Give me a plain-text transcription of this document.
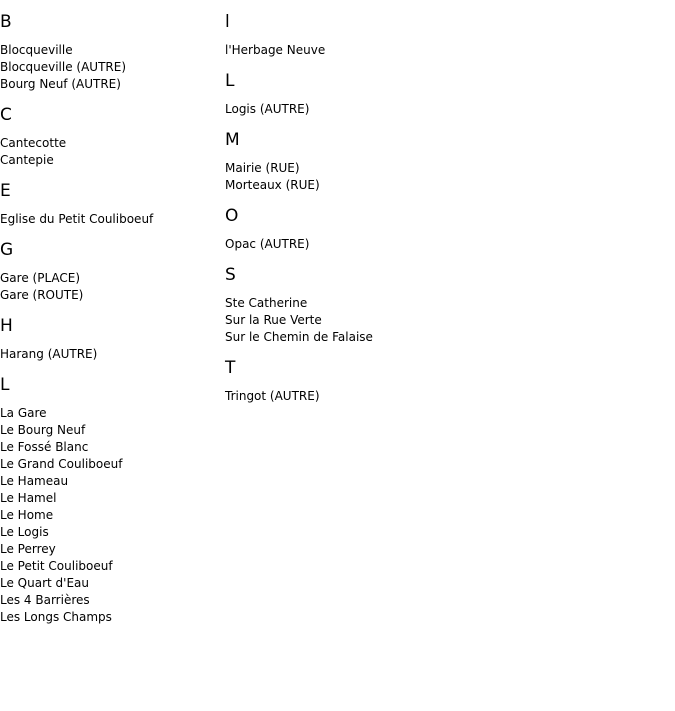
B
Blocqueville
Blocqueville (AUTRE)
Bourg Neuf (AUTRE)
C
Cantecotte
Cantepie
E
Eglise du Petit Couliboeuf
G
Gare (PLACE)
Gare (ROUTE)
H
Harang (AUTRE)
L
La Gare
Le Bourg Neuf
Le Fossé Blanc
Le Grand Couliboeuf
Le Hameau
Le Hamel
Le Home
Le Logis
Le Perrey
Le Petit Couliboeuf
Le Quart d'Eau
Les 4 Barrières
Les Longs Champs
l
l'Herbage Neuve
L
Logis (AUTRE)
M
Mairie (RUE)
Morteaux (RUE)
O
Opac (AUTRE)
S
Ste Catherine
Sur la Rue Verte
Sur le Chemin de Falaise
T
Tringot (AUTRE)
